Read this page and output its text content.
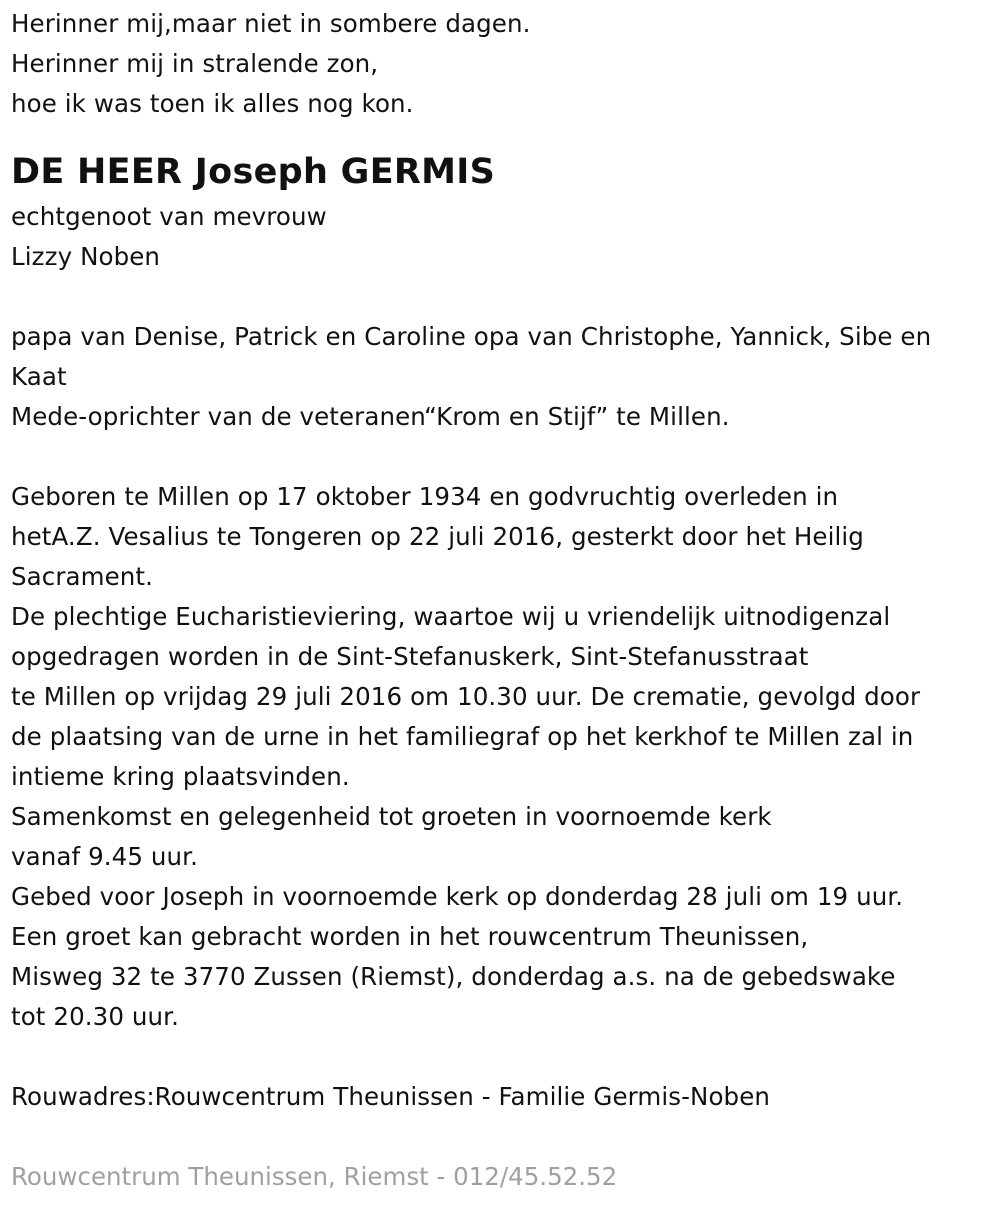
Herinner mij,maar niet in sombere dagen.
Herinner mij in stralende zon,
hoe ik was toen ik alles nog kon.
DE HEER Joseph GERMIS
echtgenoot van mevrouw
Lizzy Noben
papa van Denise, Patrick en Caroline opa van Christophe, Yannick, Sibe en
Kaat
Mede-oprichter van de veteranen“Krom en Stijf” te Millen.
Geboren te Millen op 17 oktober 1934 en godvruchtig overleden in
hetA.Z. Vesalius te Tongeren op 22 juli 2016, gesterkt door het Heilig
Sacrament.
De plechtige Eucharistieviering, waartoe wij u vriendelijk uitnodigenzal
opgedragen worden in de Sint-Stefanuskerk, Sint-Stefanusstraat
te Millen op vrijdag 29 juli 2016 om 10.30 uur. De crematie, gevolgd door
de plaatsing van de urne in het familiegraf op het kerkhof te Millen zal in
intieme kring plaatsvinden.
Samenkomst en gelegenheid tot groeten in voornoemde kerk
vanaf 9.45 uur.
Gebed voor Joseph in voornoemde kerk op donderdag 28 juli om 19 uur.
Een groet kan gebracht worden in het rouwcentrum Theunissen,
Misweg 32 te 3770 Zussen (Riemst), donderdag a.s. na de gebedswake
tot 20.30 uur.
Rouwadres:Rouwcentrum Theunissen - Familie Germis-Noben
Rouwcentrum Theunissen, Riemst - 012/45.52.52
